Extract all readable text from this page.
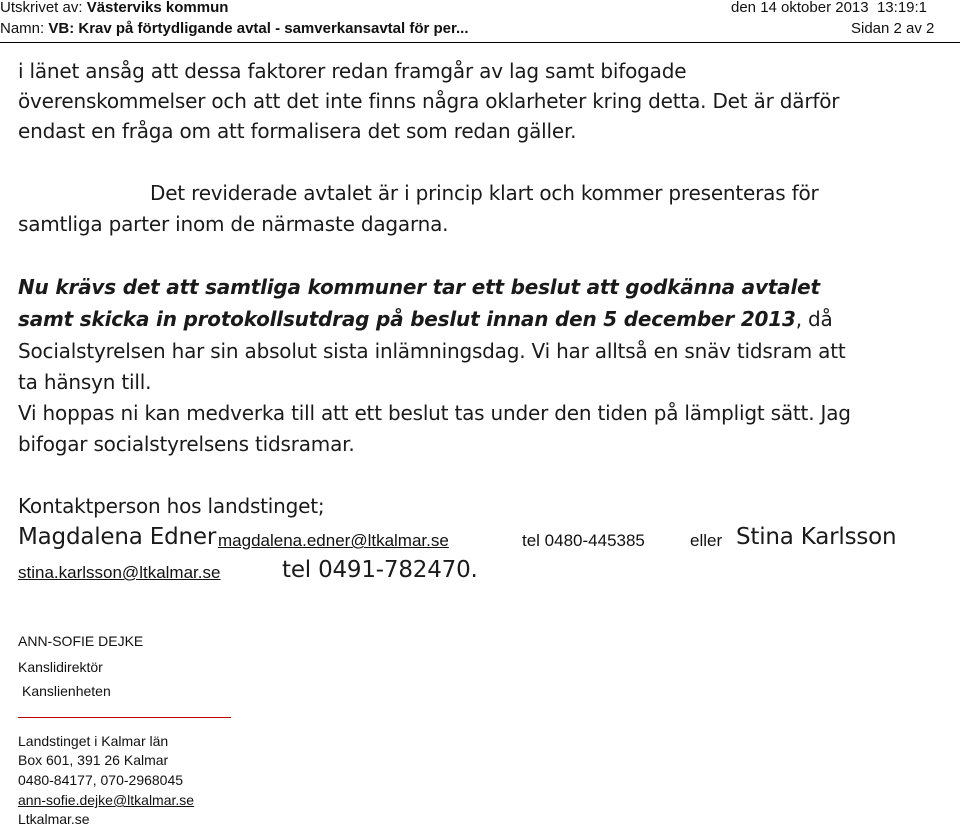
Utskrivet av: Västerviks kommun	den 14 oktober 2013 13:19:1
Namn: VB: Krav på förtydligande avtal - samverkansavtal för per...	Sidan 2 av 2
i länet ansåg att dessa faktorer redan framgår av lag samt bifogade
överenskommelser och att det inte finns några oklarheter kring detta. Det är därför
endast en fråga om att formalisera det som redan gäller.
Det reviderade avtalet är i princip klart och kommer presenteras för
samtliga parter inom de närmaste dagarna.
Nu krävs det att samtliga kommuner tar ett beslut att godkänna avtalet
samt skicka in protokollsutdrag på beslut innan den 5 december 2013, då
Socialstyrelsen har sin absolut sista inlämningsdag. Vi har alltså en snäv tidsram att
ta hänsyn till.
Vi hoppas ni kan medverka till att ett beslut tas under den tiden på lämpligt sätt. Jag
bifogar socialstyrelsens tidsramar.
Kontaktperson hos landstinget;
Magdalena Edner magdalena.edner@ltkalmar.se	tel 0480-445385	eller Stina Karlsson
stina.karlsson@ltkalmar.se	tel 0491-782470.
ANN-SOFIE DEJKE
Kanslidirektör
Kanslienheten
Landstinget i Kalmar län
Box 601, 391 26 Kalmar
0480-84177, 070-2968045
ann-sofie.dejke@ltkalmar.se
Ltkalmar.se
